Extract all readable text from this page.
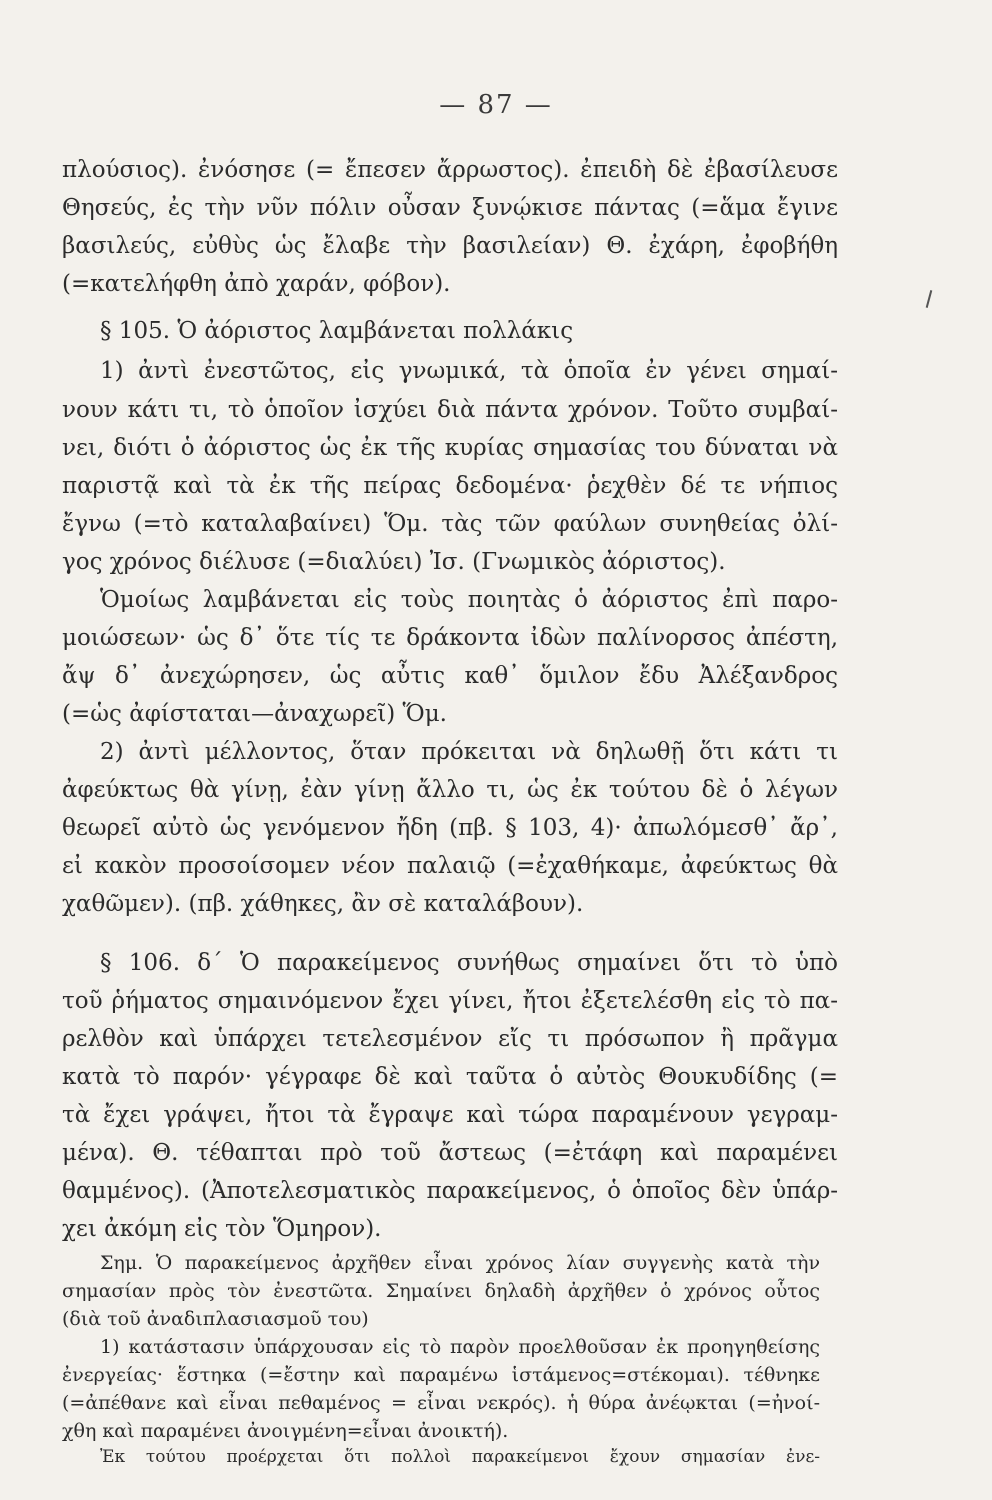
— 87 —
πλούσιος). ἐνόσησε (= ἔπεσεν ἄρρωστος). ἐπειδὴ δὲ ἐβασίλευσε
Θησεύς, ἐς τὴν νῦν πόλιν οὖσαν ξυνῴκισε πάντας (=ἅμα ἔγινε
βασιλεύς, εὐθὺς ὡς ἔλαβε τὴν βασιλείαν) Θ. ἐχάρη, ἐφοβήθη
(=κατελήφθη ἀπὸ χαράν, φόβον).
§ 105. Ὁ ἀόριστος λαμβάνεται πολλάκις
1) ἀντὶ ἐνεστῶτος, εἰς γνωμικά, τὰ ὁποῖα ἐν γένει σημαί-
νουν κάτι τι, τὸ ὁποῖον ἰσχύει διὰ πάντα χρόνον. Τοῦτο συμβαί-
νει, διότι ὁ ἀόριστος ὡς ἐκ τῆς κυρίας σημασίας του δύναται νὰ
παριστᾷ καὶ τὰ ἐκ τῆς πείρας δεδομένα· ῥεχθὲν δέ τε νήπιος
ἔγνω (=τὸ καταλαβαίνει) Ὅμ. τὰς τῶν φαύλων συνηθείας ὀλί-
γος χρόνος διέλυσε (=διαλύει) Ἰσ. (Γνωμικὸς ἀόριστος).
Ὁμοίως λαμβάνεται εἰς τοὺς ποιητὰς ὁ ἀόριστος ἐπὶ παρο-
μοιώσεων· ὡς δ᾽ ὅτε τίς τε δράκοντα ἰδὼν παλίνορσος ἀπέστη,
ἄψ δ᾽ ἀνεχώρησεν, ὡς αὖτις καθ᾽ ὅμιλον ἔδυ Ἀλέξανδρος
(=ὡς ἀφίσταται—ἀναχωρεῖ) Ὅμ.
2) ἀντὶ μέλλοντος, ὅταν πρόκειται νὰ δηλωθῇ ὅτι κάτι τι
ἀφεύκτως θὰ γίνῃ, ἐὰν γίνῃ ἄλλο τι, ὡς ἐκ τούτου δὲ ὁ λέγων
θεωρεῖ αὐτὸ ὡς γενόμενον ἤδη (πβ. § 103, 4)· ἀπωλόμεσθ᾽ ἄρ᾽,
εἰ κακὸν προσοίσομεν νέον παλαιῷ (=ἐχαθήκαμε, ἀφεύκτως θὰ
χαθῶμεν). (πβ. χάθηκες, ἂν σὲ καταλάβουν).
§ 106. δ´ Ὁ παρακείμενος συνήθως σημαίνει ὅτι τὸ ὑπὸ
τοῦ ῥήματος σημαινόμενον ἔχει γίνει, ἤτοι ἐξετελέσθη εἰς τὸ πα-
ρελθὸν καὶ ὑπάρχει τετελεσμένον εἴς τι πρόσωπον ἢ πρᾶγμα
κατὰ τὸ παρόν· γέγραφε δὲ καὶ ταῦτα ὁ αὐτὸς Θουκυδίδης (=
τὰ ἔχει γράψει, ἤτοι τὰ ἔγραψε καὶ τώρα παραμένουν γεγραμ-
μένα). Θ. τέθαπται πρὸ τοῦ ἄστεως (=ἐτάφη καὶ παραμένει
θαμμένος). (Ἀποτελεσματικὸς παρακείμενος, ὁ ὁποῖος δὲν ὑπάρ-
χει ἀκόμη εἰς τὸν Ὅμηρον).
Σημ. Ὁ παρακείμενος ἀρχῆθεν εἶναι χρόνος λίαν συγγενὴς κατὰ τὴν
σημασίαν πρὸς τὸν ἐνεστῶτα. Σημαίνει δηλαδὴ ἀρχῆθεν ὁ χρόνος οὗτος
(διὰ τοῦ ἀναδιπλασιασμοῦ του)
1) κατάστασιν ὑπάρχουσαν εἰς τὸ παρὸν προελθοῦσαν ἐκ προηγηθείσης
ἐνεργείας· ἕστηκα (=ἔστην καὶ παραμένω ἱστάμενος=στέκομαι). τέθνηκε
(=ἀπέθανε καὶ εἶναι πεθαμένος = εἶναι νεκρός). ἡ θύρα ἀνέῳκται (=ἠνοί-
χθη καὶ παραμένει ἀνοιγμένη=εἶναι ἀνοικτή).
Ἐκ τούτου προέρχεται ὅτι πολλοὶ παρακείμενοι ἔχουν σημασίαν ἐνε-
